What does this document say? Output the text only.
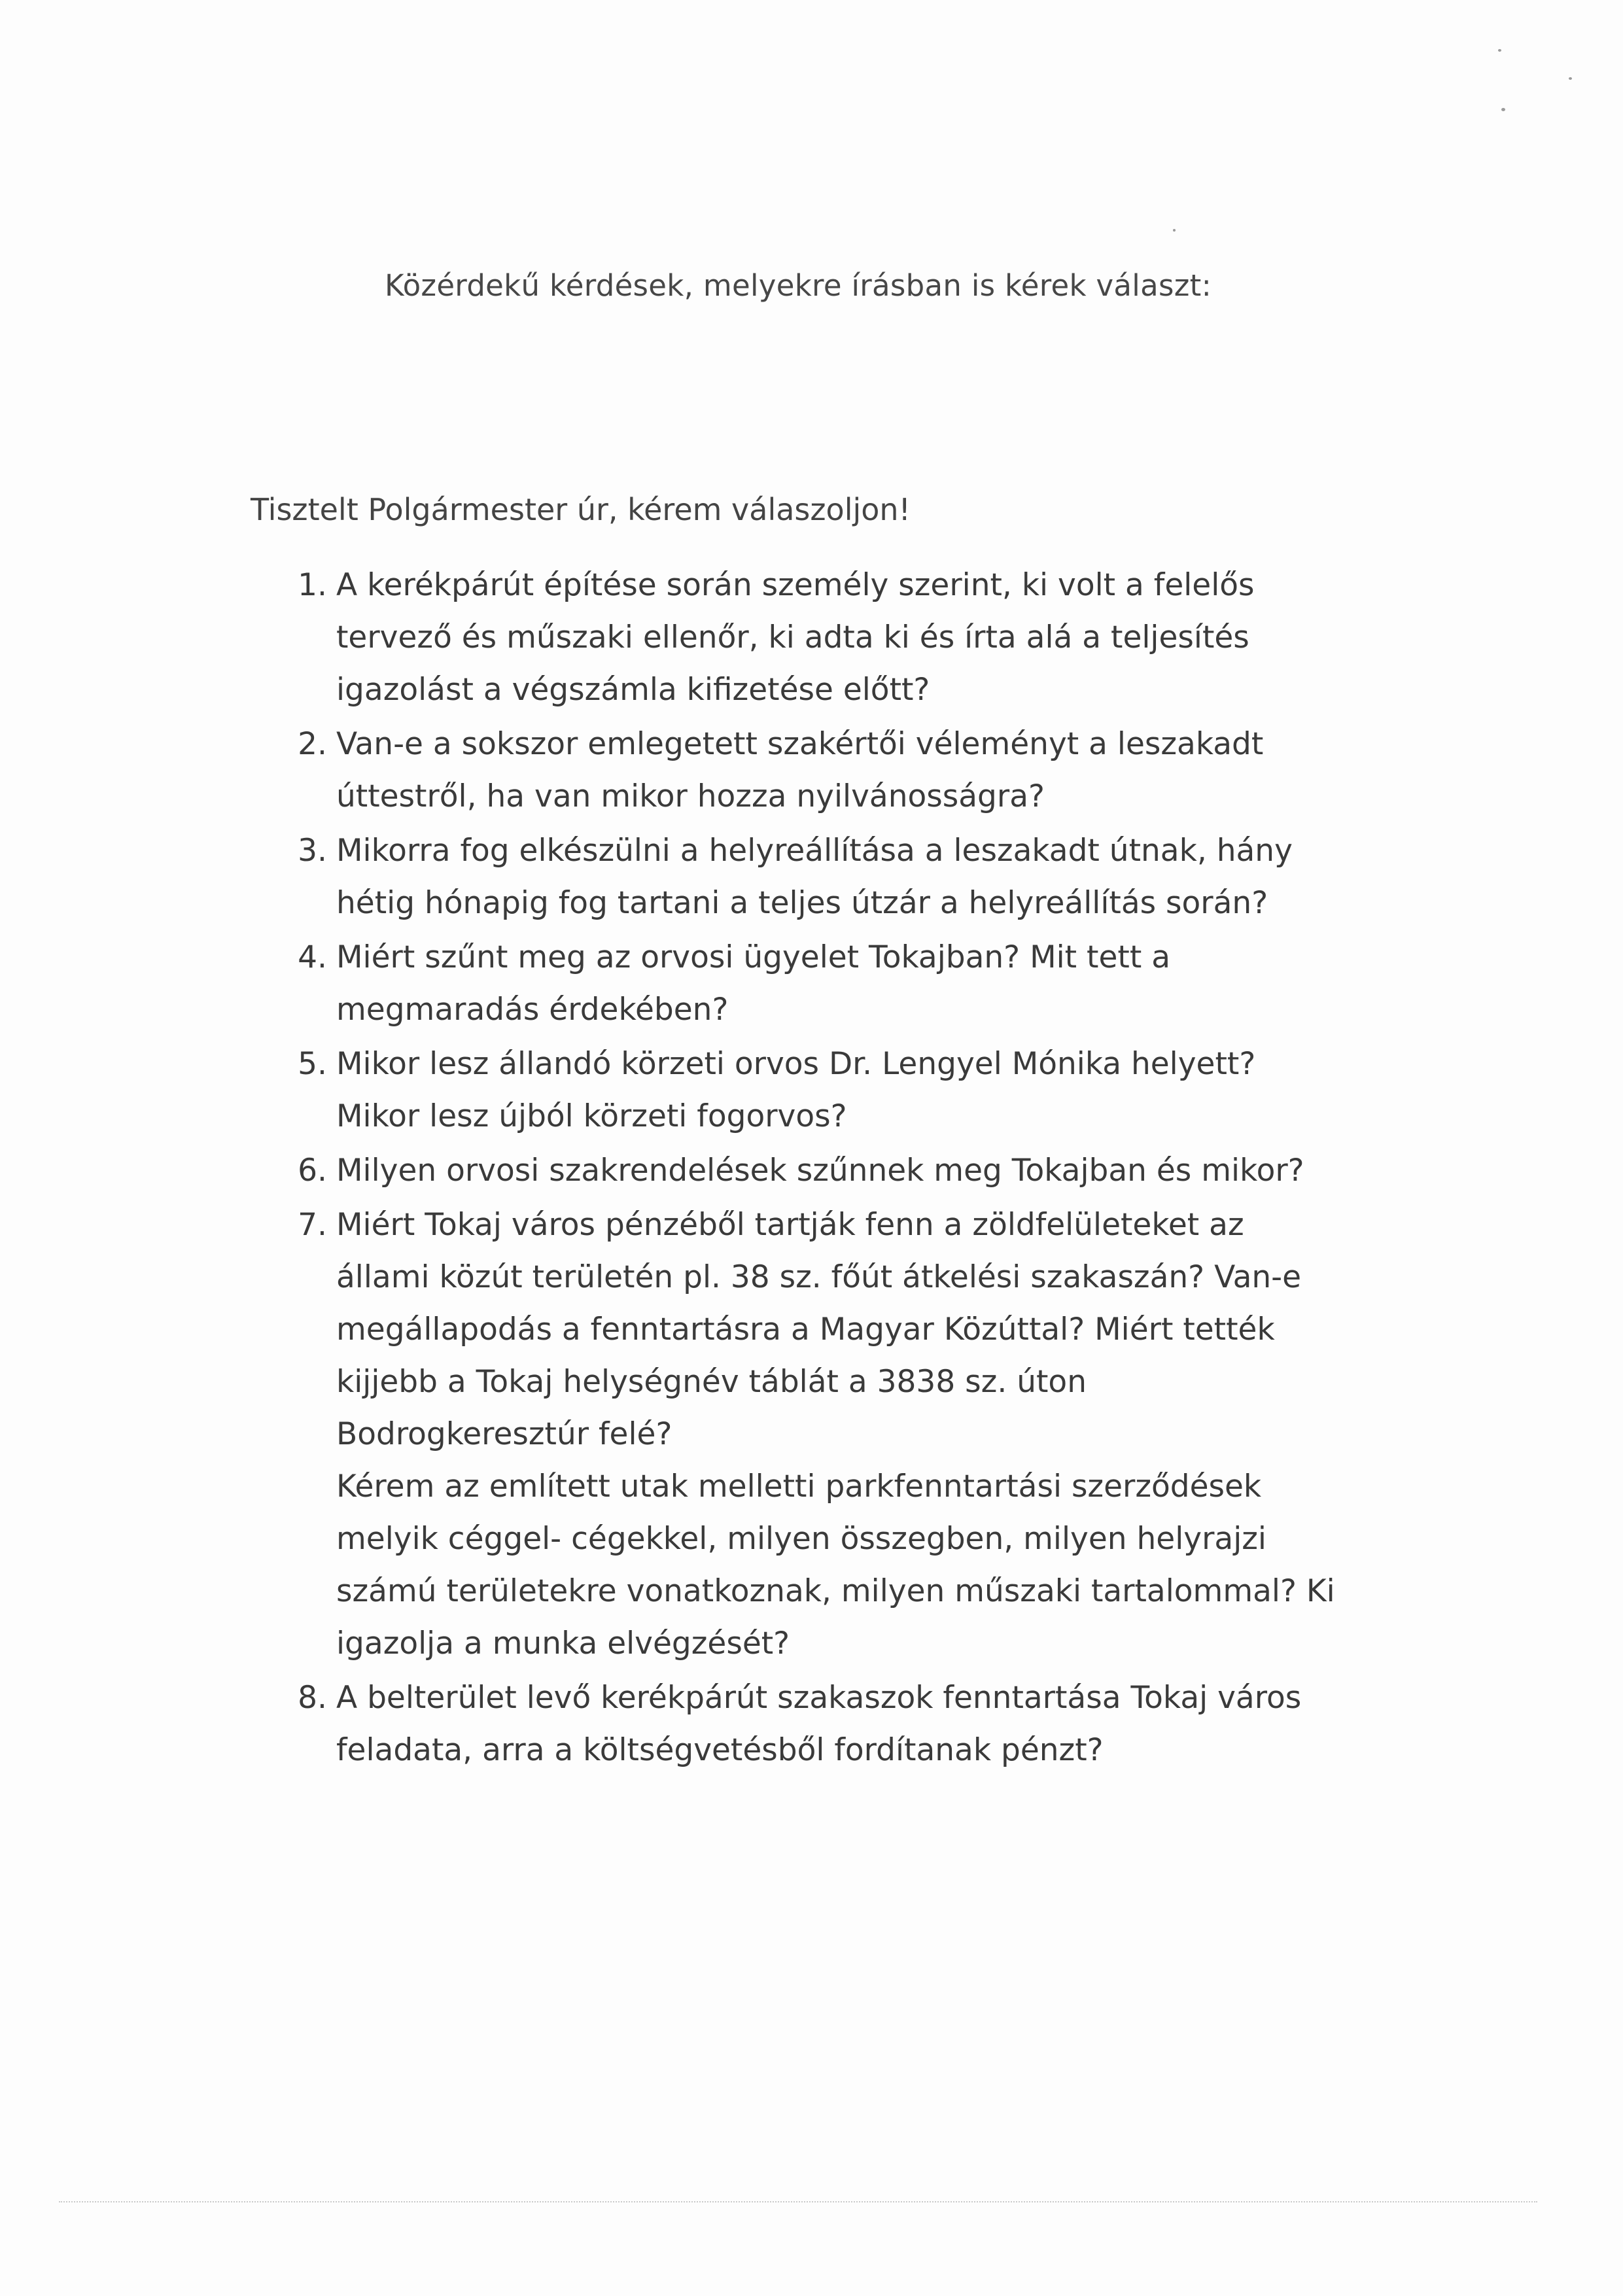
Közérdekű kérdések, melyekre írásban is kérek választ:
Tisztelt Polgármester úr, kérem válaszoljon!
1. A kerékpárút építése során személy szerint, ki volt a felelős
tervező és műszaki ellenőr, ki adta ki és írta alá a teljesítés
igazolást a végszámla kifizetése előtt?
2. Van-e a sokszor emlegetett szakértői véleményt a leszakadt
úttestről, ha van mikor hozza nyilvánosságra?
3. Mikorra fog elkészülni a helyreállítása a leszakadt útnak, hány
hétig hónapig fog tartani a teljes útzár a helyreállítás során?
4. Miért szűnt meg az orvosi ügyelet Tokajban? Mit tett a
megmaradás érdekében?
5. Mikor lesz állandó körzeti orvos Dr. Lengyel Mónika helyett?
Mikor lesz újból körzeti fogorvos?
6. Milyen orvosi szakrendelések szűnnek meg Tokajban és mikor?
7. Miért Tokaj város pénzéből tartják fenn a zöldfelületeket az
állami közút területén pl. 38 sz. főút átkelési szakaszán? Van-e
megállapodás a fenntartásra a Magyar Közúttal? Miért tették
kijjebb a Tokaj helységnév táblát a 3838 sz. úton
Bodrogkeresztúr felé?
Kérem az említett utak melletti parkfenntartási szerződések
melyik céggel- cégekkel, milyen összegben, milyen helyrajzi
számú területekre vonatkoznak, milyen műszaki tartalommal? Ki
igazolja a munka elvégzését?
8. A belterület levő kerékpárút szakaszok fenntartása Tokaj város
feladata, arra a költségvetésből fordítanak pénzt?
